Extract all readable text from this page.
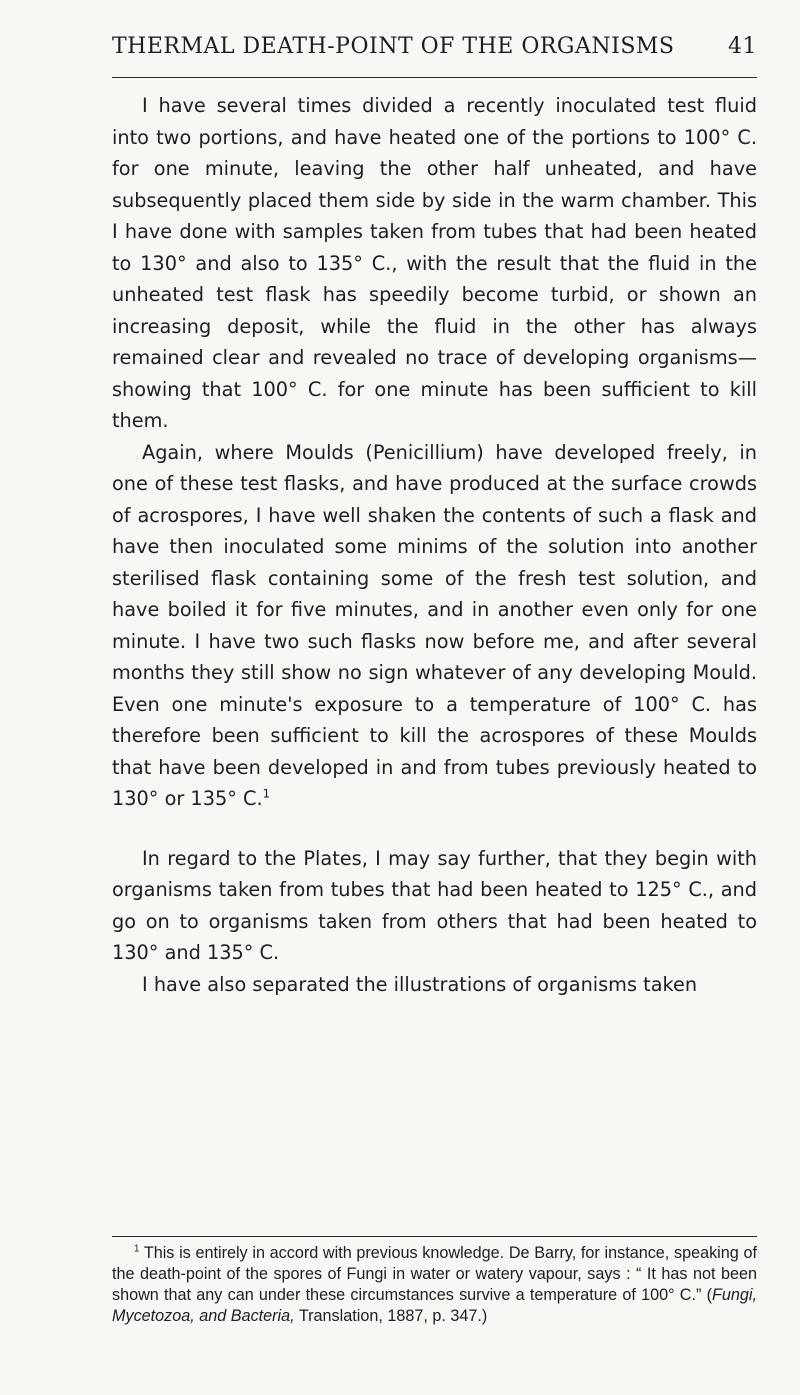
THERMAL DEATH-POINT OF THE ORGANISMS 41

I have several times divided a recently inoculated test fluid into two portions, and have heated one of the portions to 100° C. for one minute, leaving the other half unheated, and have subsequently placed them side by side in the warm chamber. This I have done with samples taken from tubes that had been heated to 130° and also to 135° C., with the result that the fluid in the unheated test flask has speedily become turbid, or shown an increasing deposit, while the fluid in the other has always remained clear and revealed no trace of developing organisms—showing that 100° C. for one minute has been sufficient to kill them.

Again, where Moulds (Penicillium) have developed freely, in one of these test flasks, and have produced at the surface crowds of acrospores, I have well shaken the contents of such a flask and have then inoculated some minims of the solution into another sterilised flask containing some of the fresh test solution, and have boiled it for five minutes, and in another even only for one minute. I have two such flasks now before me, and after several months they still show no sign whatever of any developing Mould. Even one minute's exposure to a temperature of 100° C. has therefore been sufficient to kill the acrospores of these Moulds that have been developed in and from tubes previously heated to 130° or 135° C.$^1$

In regard to the Plates, I may say further, that they begin with organisms taken from tubes that had been heated to 125° C., and go on to organisms taken from others that had been heated to 130° and 135° C.

I have also separated the illustrations of organisms taken

$^1$ This is entirely in accord with previous knowledge. De Barry, for instance, speaking of the death-point of the spores of Fungi in water or watery vapour, says : “ It has not been shown that any can under these circumstances survive a temperature of 100° C.” (Fungi, Mycetozoa, and Bacteria, Translation, 1887, p. 347.)
